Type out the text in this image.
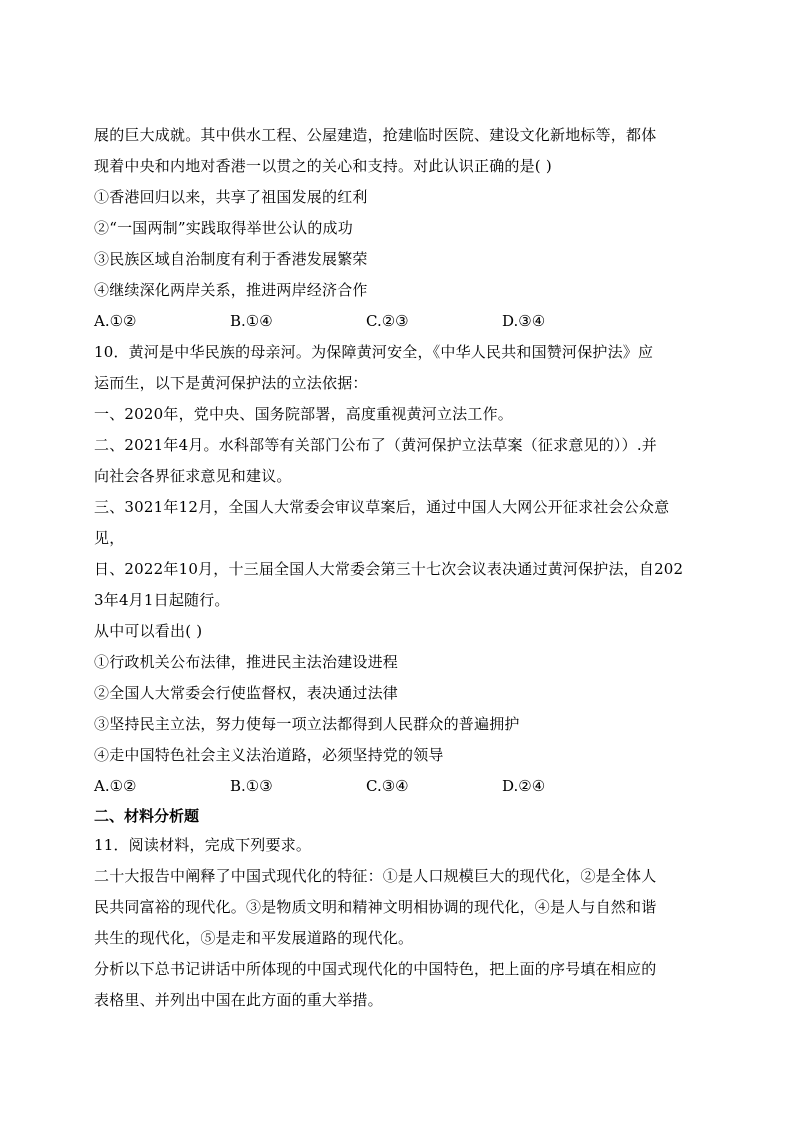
展的巨大成就。其中供水工程、公屋建造，抢建临时医院、建设文化新地标等，都体
现着中央和内地对香港一以贯之的关心和支持。对此认识正确的是( )
①香港回归以来，共享了祖国发展的红利
②“一国两制”实践取得举世公认的成功
③民族区域自治制度有利于香港发展繁荣
④继续深化两岸关系，推进两岸经济合作
A.①②	B.①④	C.②③	D.③④
10．黄河是中华民族的母亲河。为保障黄河安全，《中华人民共和国赞河保护法》应
运而生，以下是黄河保护法的立法依据：
一、2020年，党中央、国务院部署，高度重视黄河立法工作。
二、2021年4月。水科部等有关部门公布了（黄河保护立法草案（征求意见的））.并
向社会各界征求意见和建议。
三、3021年12月，全国人大常委会审议草案后，通过中国人大网公开征求社会公众意
见，
日、2022年10月，十三届全国人大常委会第三十七次会议表决通过黄河保护法，自202
3年4月1日起随行。
从中可以看出( )
①行政机关公布法律，推进民主法治建设进程
②全国人大常委会行使监督权，表决通过法律
③坚持民主立法，努力使每一项立法都得到人民群众的普遍拥护
④走中国特色社会主义法治道路，必须坚持党的领导
A.①②	B.①③	C.③④	D.②④
二、材料分析题
11．阅读材料，完成下列要求。
二十大报告中阐释了中国式现代化的特征：①是人口规模巨大的现代化，②是全体人
民共同富裕的现代化。③是物质文明和精神文明相协调的现代化，④是人与自然和谐
共生的现代化，⑤是走和平发展道路的现代化。
分析以下总书记讲话中所体现的中国式现代化的中国特色，把上面的序号填在相应的
表格里、并列出中国在此方面的重大举措。
